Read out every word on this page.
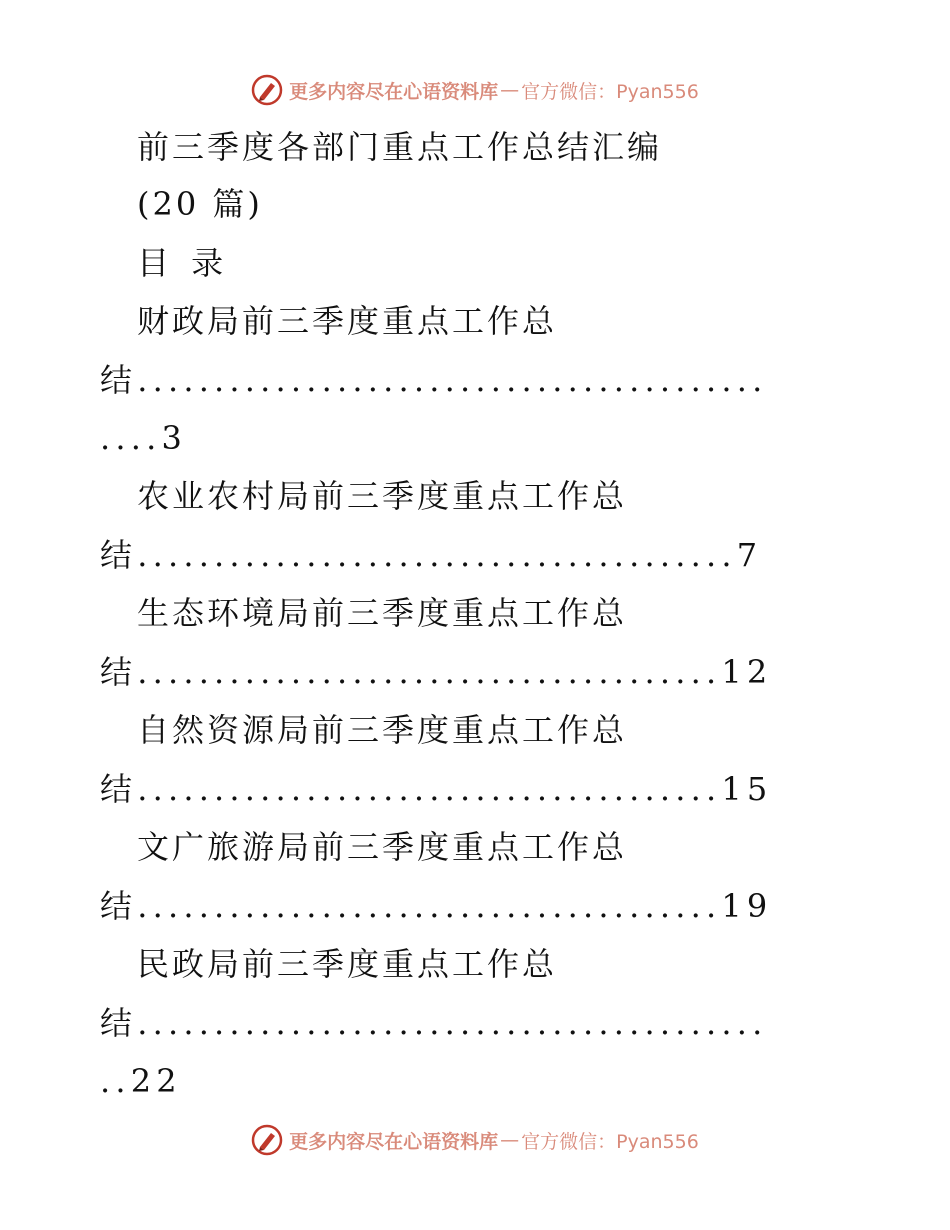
更多内容尽在心语资料库 — 官方微信：Pyan556
前三季度各部门重点工作总结汇编
(20 篇)
目 录
财政局前三季度重点工作总
结.........................................
....3
农业农村局前三季度重点工作总
结.......................................7
生态环境局前三季度重点工作总
结......................................12
自然资源局前三季度重点工作总
结......................................15
文广旅游局前三季度重点工作总
结......................................19
民政局前三季度重点工作总
结.........................................
..22
更多内容尽在心语资料库 — 官方微信：Pyan556
